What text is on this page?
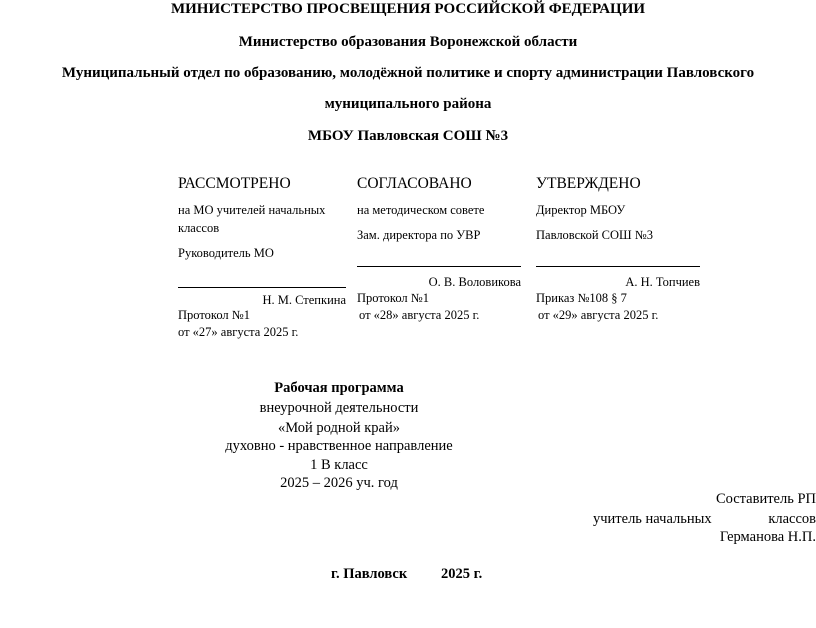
МИНИСТЕРСТВО ПРОСВЕЩЕНИЯ РОССИЙСКОЙ ФЕДЕРАЦИИ
Министерство образования Воронежской области
Муниципальный отдел по образованию, молодёжной политике и спорту администрации Павловского
муниципального района
МБОУ Павловская СОШ №3
РАССМОТРЕНО
на МО учителей начальных
классов
Руководитель МО
Н. М. Степкина
Протокол №1
от «27» августа 2025 г.
СОГЛАСОВАНО
на методическом совете
Зам. директора по УВР
О. В. Воловикова
Протокол №1
от «28» августа 2025 г.
УТВЕРЖДЕНО
Директор МБОУ
Павловской СОШ №3
А. Н. Топчиев
Приказ №108 § 7
от «29» августа 2025 г.
Рабочая программа
внеурочной деятельности
«Мой родной край»
духовно - нравственное направление
1 В класс
2025 – 2026 уч. год
Составитель РП
учитель начальных	классов
Германова Н.П.
г. Павловск 2025 г.
